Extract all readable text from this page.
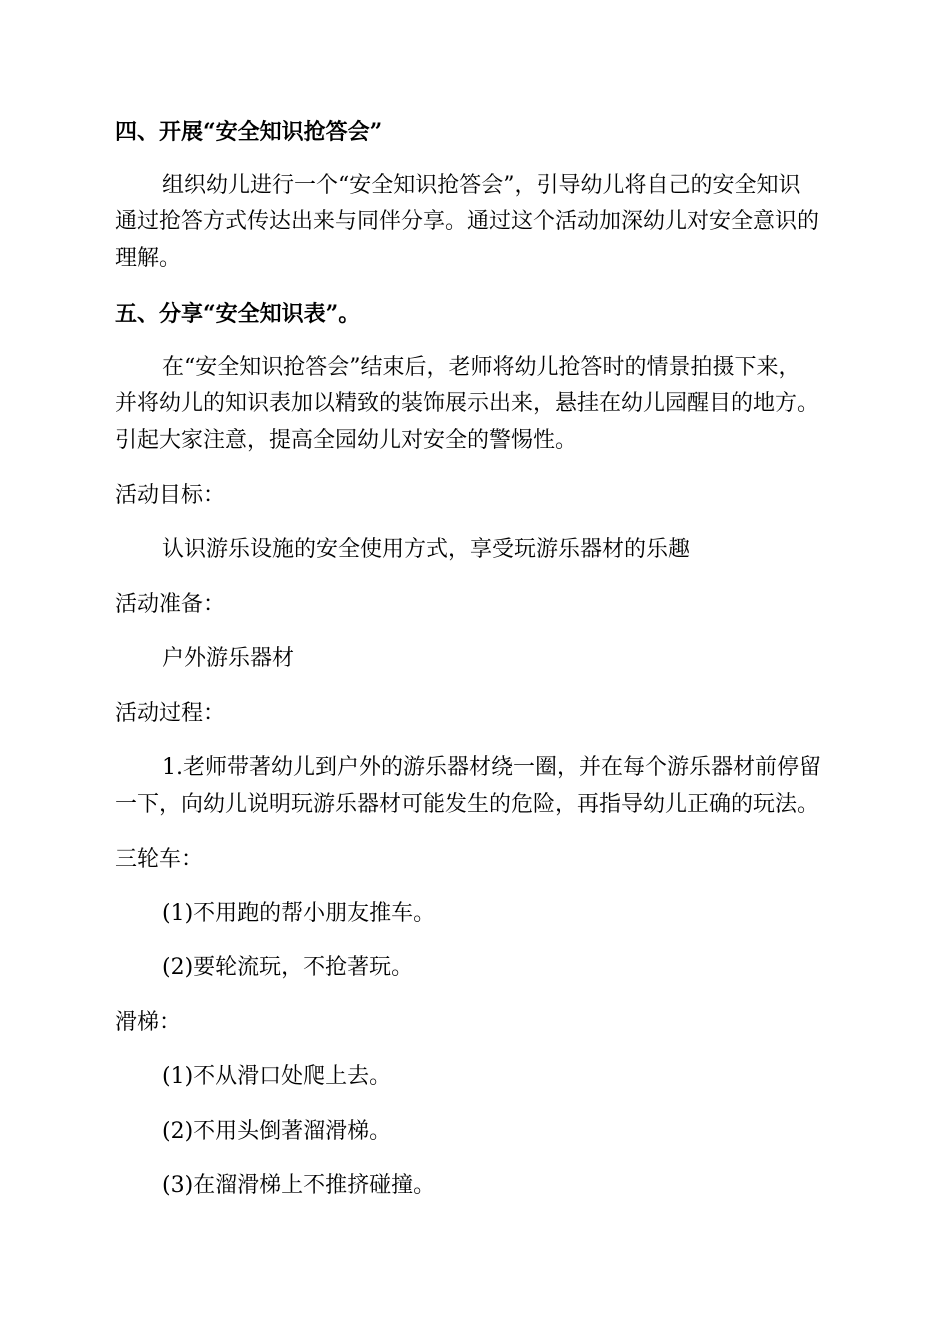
四、开展“安全知识抢答会”
组织幼儿进行一个“安全知识抢答会”，引导幼儿将自己的安全知识
通过抢答方式传达出来与同伴分享。通过这个活动加深幼儿对安全意识的
理解。
五、分享“安全知识表”。
在“安全知识抢答会”结束后，老师将幼儿抢答时的情景拍摄下来，
并将幼儿的知识表加以精致的装饰展示出来，悬挂在幼儿园醒目的地方。
引起大家注意，提高全园幼儿对安全的警惕性。
活动目标：
认识游乐设施的安全使用方式，享受玩游乐器材的乐趣
活动准备：
户外游乐器材
活动过程：
1.老师带著幼儿到户外的游乐器材绕一圈，并在每个游乐器材前停留
一下，向幼儿说明玩游乐器材可能发生的危险，再指导幼儿正确的玩法。
三轮车：
(1)不用跑的帮小朋友推车。
(2)要轮流玩，不抢著玩。
滑梯：
(1)不从滑口处爬上去。
(2)不用头倒著溜滑梯。
(3)在溜滑梯上不推挤碰撞。
